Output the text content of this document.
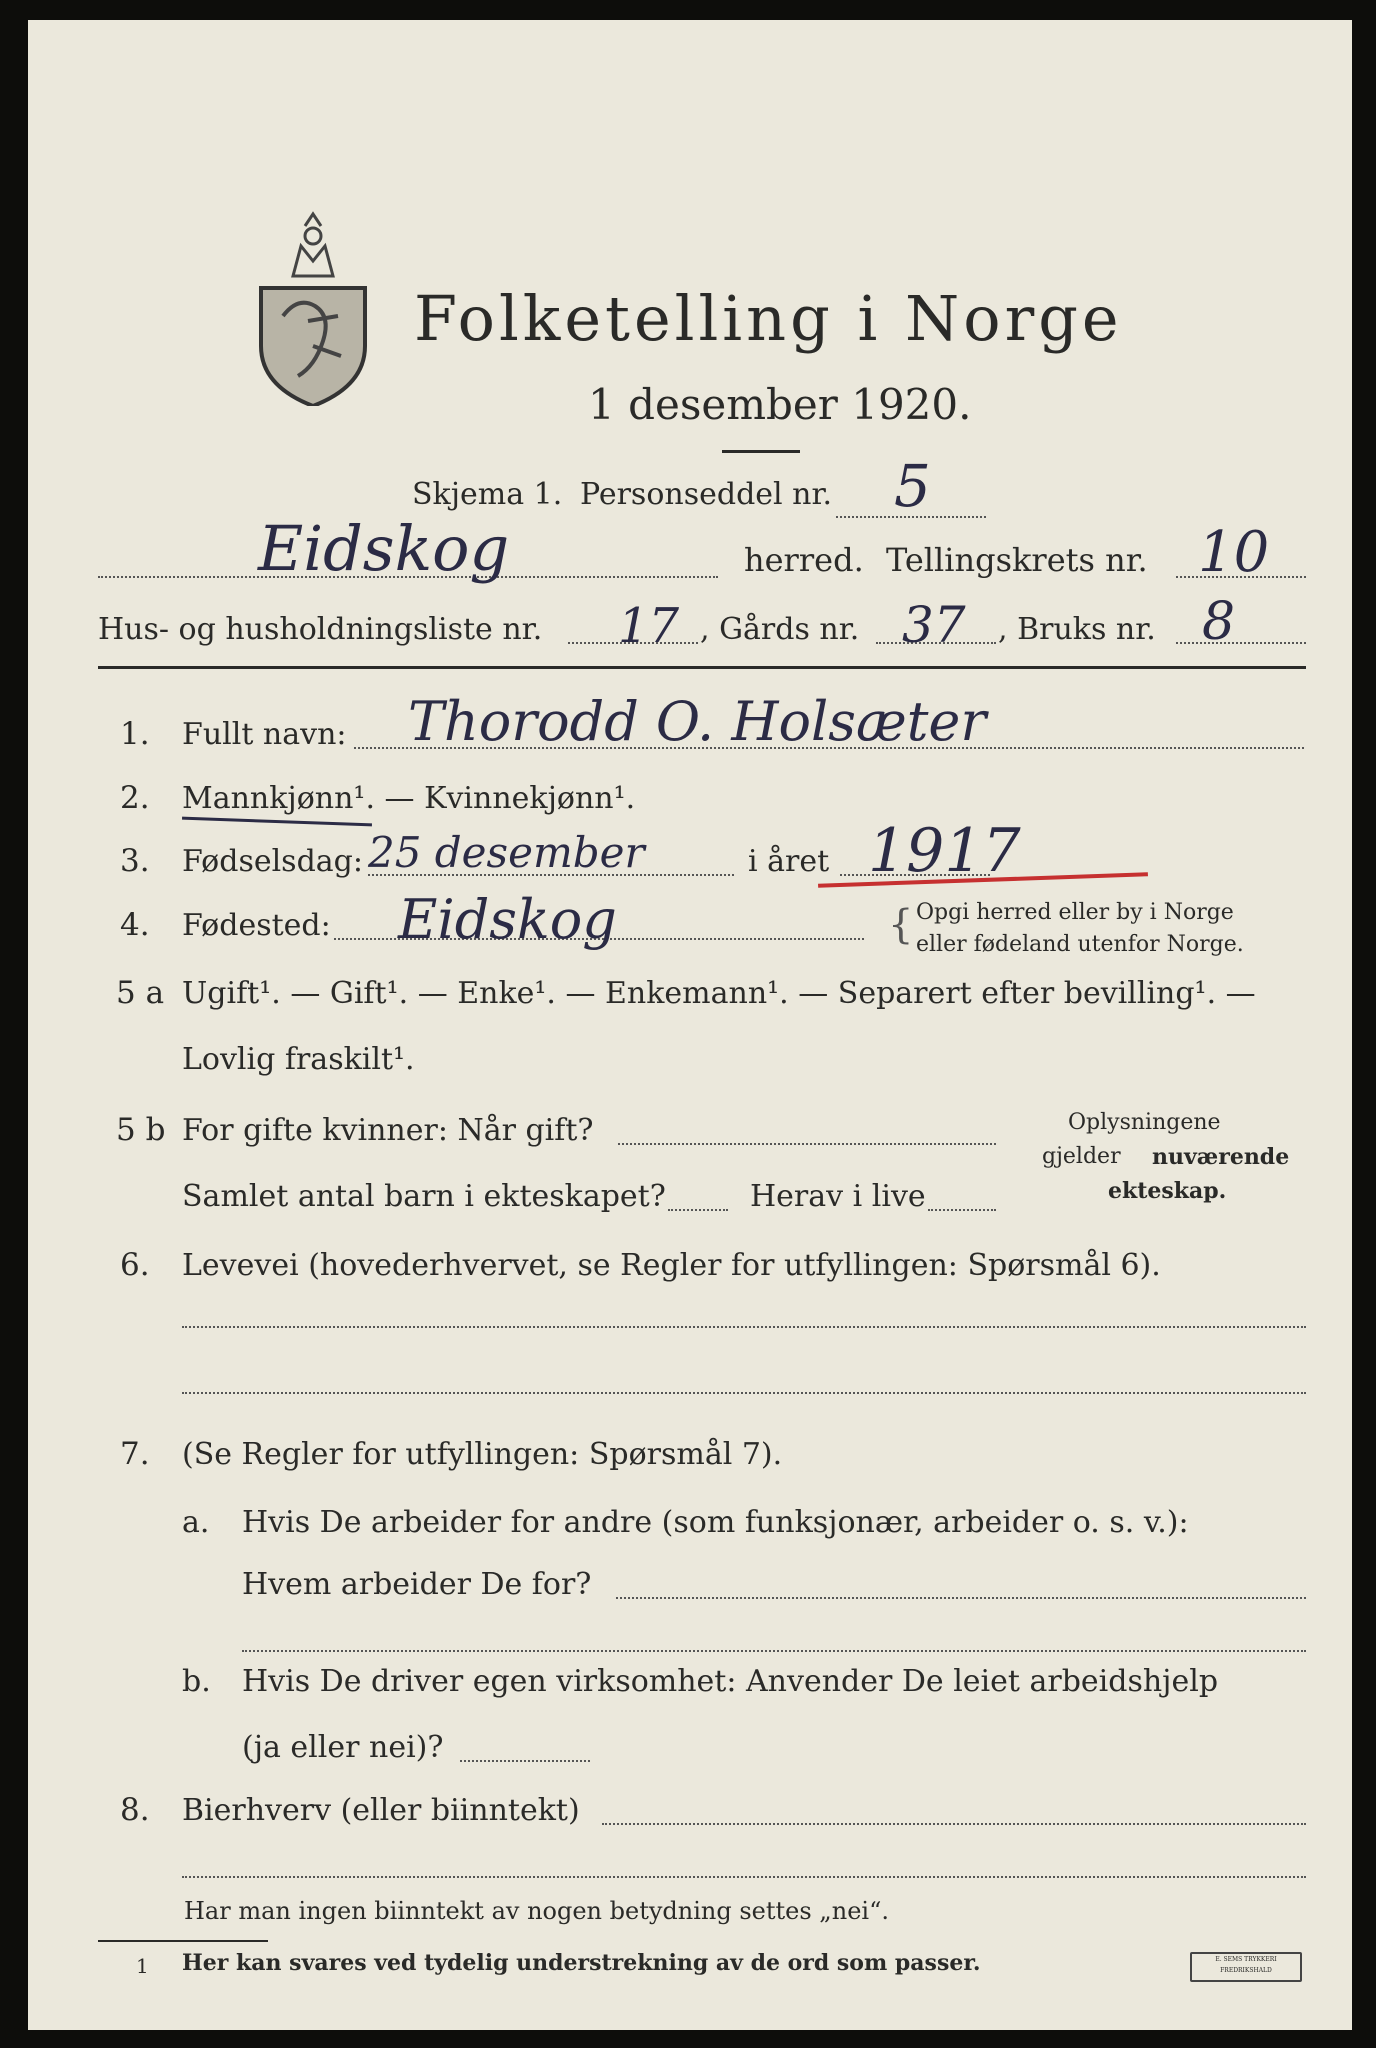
Folketelling i Norge
1 desember 1920.
Skjema 1. Personseddel nr. 5
Eidskog	herred. Tellingskrets nr. 10
Hus- og husholdningsliste nr. 17 , Gårds nr. 37 , Bruks nr. 8
1. Fullt navn: Thorodd O. Holsæter
2. Mannkjønn¹. — Kvinnekjønn¹.
3. Fødselsdag: 25 desember	i året 1917
4. Fødested: Eidskog	{ Opgi herred eller by i Norge
eller fødeland utenfor Norge.
5 a Ugift¹. — Gift¹. — Enke¹. — Enkemann¹. — Separert efter bevilling¹. —
Lovlig fraskilt¹.
5 b For gifte kvinner: Når gift?
Samlet antal barn i ekteskapet?	Herav i live
Oplysningene
gjelder nuværende
ekteskap.
6. Levevei (hovederhvervet, se Regler for utfyllingen: Spørsmål 6).
7. (Se Regler for utfyllingen: Spørsmål 7).
a. Hvis De arbeider for andre (som funksjonær, arbeider o. s. v.):
Hvem arbeider De for?
b. Hvis De driver egen virksomhet: Anvender De leiet arbeidshjelp
(ja eller nei)?
8. Bierhverv (eller biinntekt)
Har man ingen biinntekt av nogen betydning settes „nei“.
1 Her kan svares ved tydelig understrekning av de ord som passer.	E. SEMS TRYKKERI FREDRIKSHALD
